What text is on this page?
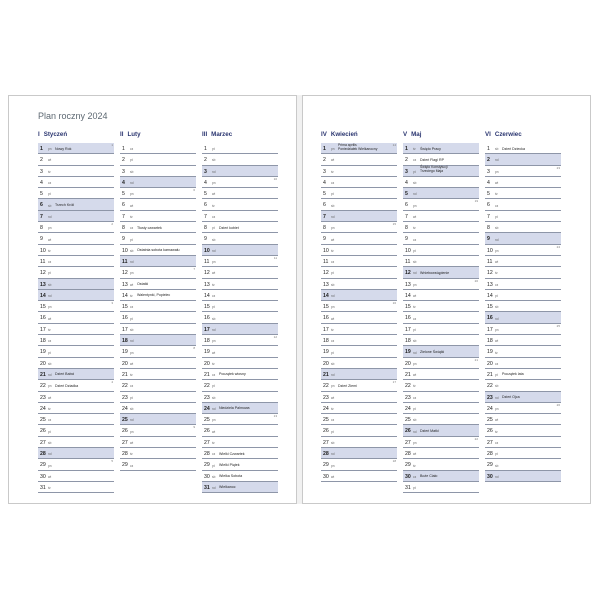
Plan roczny 2024
I Styczeń
1 pn Nowy Rok
1
2 wt
3 śr
4 cz
5 pt
6 sb Trzech Króli
7 nd
8 pn
2
9 wt
10 śr
11 cz
12 pt
13 sb
14 nd
15 pn
3
16 wt
17 śr
18 cz
19 pt
20 sb
21 nd Dzień Babci
22 pn Dzień Dziadka
4
23 wt
24 śr
25 cz
26 pt
27 sb
28 nd
29 pn
5
30 wt
31 śr
II Luty
1 cz
2 pt
3 sb
4 nd
5 pn
6
6 wt
7 śr
8 cz Tłusty czwartek
9 pt
10 sb Ostatnia sobota karnawału
11 nd
12 pn
7
13 wt Ostatki
14 śr Walentynki, Popielec
15 cz
16 pt
17 sb
18 nd
19 pn
8
20 wt
21 śr
22 cz
23 pt
24 sb
25 nd
26 pn
9
27 wt
28 śr
29 cz
III Marzec
1 pt
2 sb
3 nd
4 pn
10
5 wt
6 śr
7 cz
8 pt Dzień kobiet
9 sb
10 nd
11 pn
11
12 wt
13 śr
14 cz
15 pt
16 sb
17 nd
18 pn
12
19 wt
20 śr
21 cz Początek wiosny
22 pt
23 sb
24 nd Niedziela Palmowa
25 pn
13
26 wt
27 śr
28 cz Wielki Czwartek
29 pt Wielki Piątek
30 sb Wielka Sobota
31 nd Wielkanoc
IV Kwiecień
1 pn
Prima aprilis
Poniedziałek Wielkanocny
14
2 wt
3 śr
4 cz
5 pt
6 sb
7 nd
8 pn
15
9 wt
10 śr
11 cz
12 pt
13 sb
14 nd
15 pn
16
16 wt
17 śr
18 cz
19 pt
20 sb
21 nd
22 pn Dzień Ziemi
17
23 wt
24 śr
25 cz
26 pt
27 sb
28 nd
29 pn
18
30 wt
V Maj
1 śr Święto Pracy
2 cz Dzień Flagi RP
3 pt
Święto Konstytucji
Trzeciego Maja
4 sb
5 nd
6 pn
19
7 wt
8 śr
9 cz
10 pt
11 sb
12 nd Wniebowstąpienie
13 pn
20
14 wt
15 śr
16 cz
17 pt
18 sb
19 nd Zielone Świątki
20 pn
21
21 wt
22 śr
23 cz
24 pt
25 sb
26 nd Dzień Matki
27 pn
22
28 wt
29 śr
30 cz Boże Ciało
31 pt
VI Czerwiec
1 sb Dzień Dziecka
2 nd
3 pn
23
4 wt
5 śr
6 cz
7 pt
8 sb
9 nd
10 pn
24
11 wt
12 śr
13 cz
14 pt
15 sb
16 nd
17 pn
25
18 wt
19 śr
20 cz
21 pt Początek lata
22 sb
23 nd Dzień Ojca
24 pn
26
25 wt
26 śr
27 cz
28 pt
29 sb
30 nd
